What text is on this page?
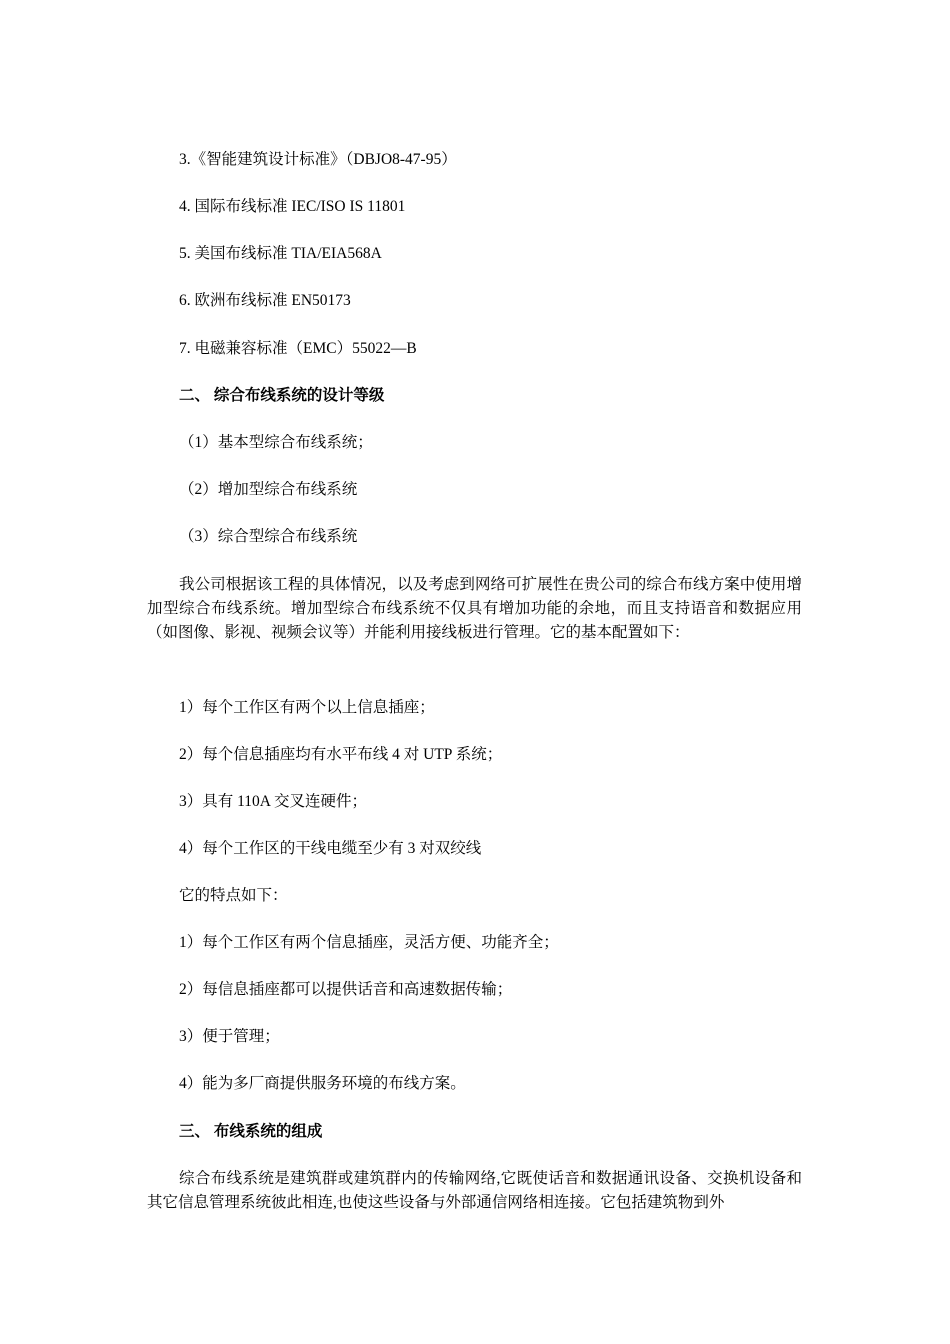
3.《智能建筑设计标准》（DBJO8-47-95）
4. 国际布线标准 IEC/ISO IS 11801
5. 美国布线标准 TIA/EIA568A
6. 欧洲布线标准 EN50173
7. 电磁兼容标准（EMC）55022—B
二、 综合布线系统的设计等级
（1）基本型综合布线系统；
（2）增加型综合布线系统
（3）综合型综合布线系统
我公司根据该工程的具体情况，以及考虑到网络可扩展性在贵公司的综合布线方案中使用增加型综合布线系统。增加型综合布线系统不仅具有增加功能的余地，而且支持语音和数据应用（如图像、影视、视频会议等）并能利用接线板进行管理。它的基本配置如下：
1）每个工作区有两个以上信息插座；
2）每个信息插座均有水平布线 4 对 UTP 系统；
3）具有 110A 交叉连硬件；
4）每个工作区的干线电缆至少有 3 对双绞线
它的特点如下：
1）每个工作区有两个信息插座，灵活方便、功能齐全；
2）每信息插座都可以提供话音和高速数据传输；
3）便于管理；
4）能为多厂商提供服务环境的布线方案。
三、 布线系统的组成
综合布线系统是建筑群或建筑群内的传输网络,它既使话音和数据通讯设备、交换机设备和其它信息管理系统彼此相连,也使这些设备与外部通信网络相连接。它包括建筑物到外
